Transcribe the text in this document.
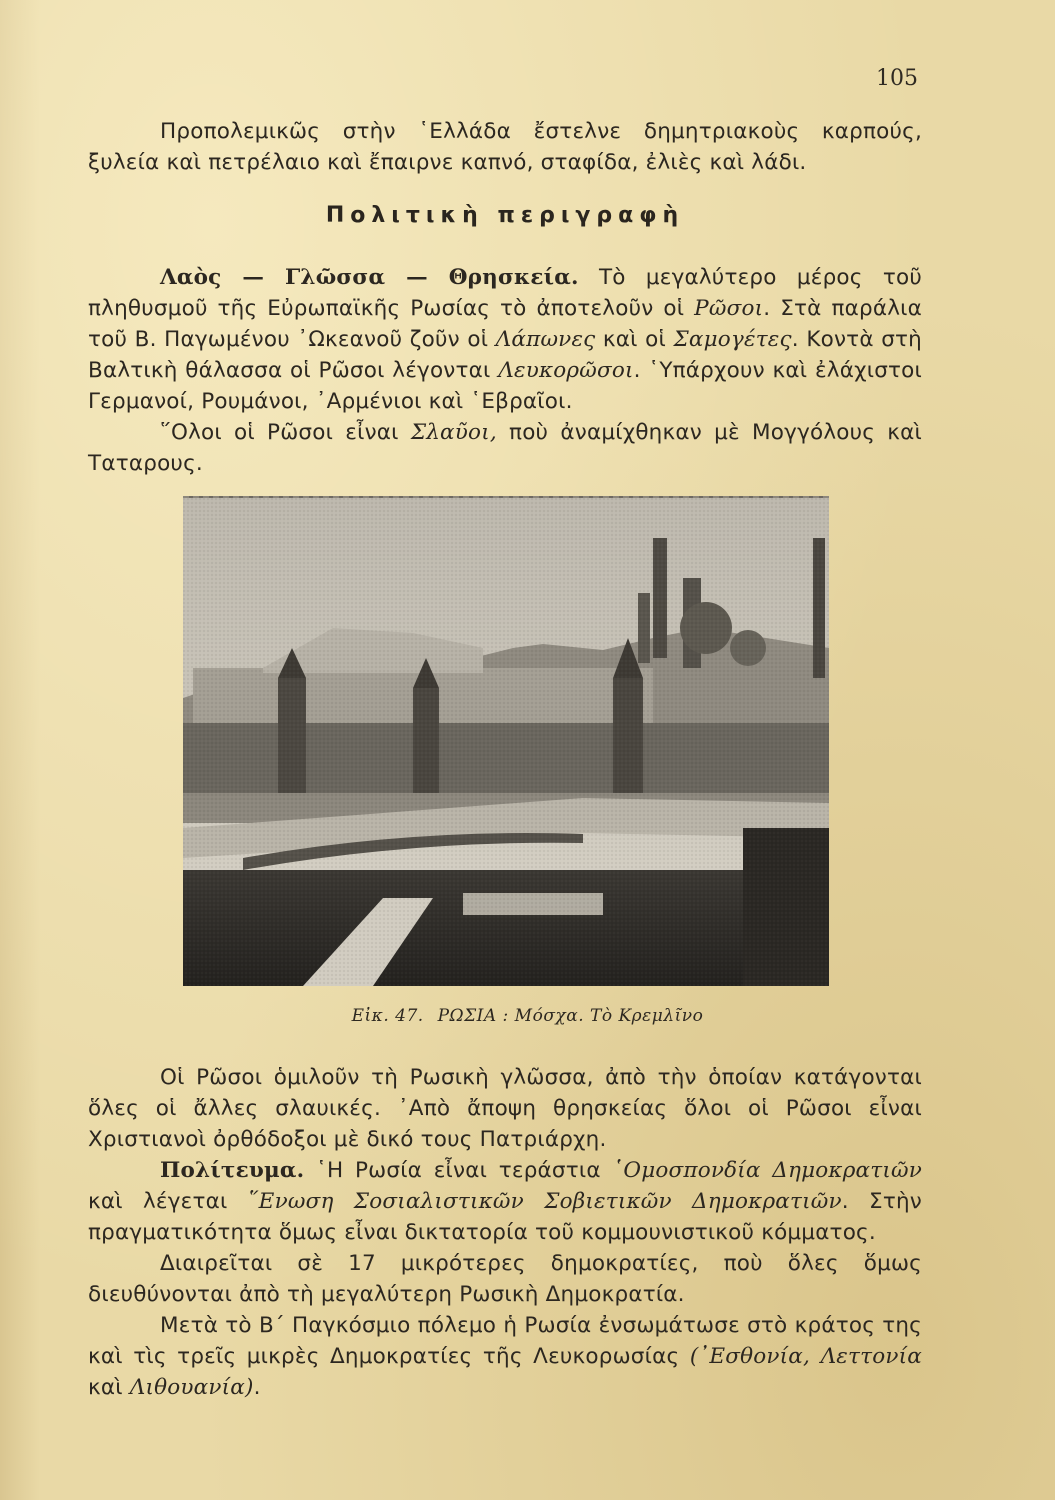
105

Προπολεμικῶς στὴν ῾Ελλάδα ἔστελνε δημητριακοὺς καρπούς, ξυλεία καὶ πετρέλαιο καὶ ἔπαιρνε καπνό, σταφίδα, ἐλιὲς καὶ λάδι.

Πολιτικὴ περιγραφὴ

Λαὸς — Γλῶσσα — Θρησκεία. Τὸ μεγαλύτερο μέρος τοῦ πληθυσμοῦ τῆς Εὐρωπαϊκῆς Ρωσίας τὸ ἀποτελοῦν οἱ Ρῶσοι. Στὰ παράλια τοῦ Β. Παγωμένου ᾿Ωκεανοῦ ζοῦν οἱ Λάπωνες καὶ οἱ Σαμογέτες. Κοντὰ στὴ Βαλτικὴ θάλασσα οἱ Ρῶσοι λέγονται Λευκορῶσοι. ῾Υπάρχουν καὶ ἐλάχιστοι Γερμανοί, Ρουμάνοι, ᾿Αρμένιοι καὶ ῾Εβραῖοι.

῞Ολοι οἱ Ρῶσοι εἶναι Σλαῦοι, ποὺ ἀναμίχθηκαν μὲ Μογγόλους καὶ Ταταρους.

Εἰκ. 47. ΡΩΣΙΑ : Μόσχα. Τὸ Κρεμλῖνο

Οἱ Ρῶσοι ὁμιλοῦν τὴ Ρωσικὴ γλῶσσα, ἀπὸ τὴν ὁποίαν κατάγονται ὅλες οἱ ἄλλες σλαυικές. ᾿Απὸ ἄποψη θρησκείας ὅλοι οἱ Ρῶσοι εἶναι Χριστιανοὶ ὀρθόδοξοι μὲ δικό τους Πατριάρχη.

Πολίτευμα. ῾Η Ρωσία εἶναι τεράστια ῾Ομοσπονδία Δημοκρατιῶν καὶ λέγεται ῞Ενωση Σοσιαλιστικῶν Σοβιετικῶν Δημοκρατιῶν. Στὴν πραγματικότητα ὅμως εἶναι δικτατορία τοῦ κομμουνιστικοῦ κόμματος.

Διαιρεῖται σὲ 17 μικρότερες δημοκρατίες, ποὺ ὅλες ὅμως διευθύνονται ἀπὸ τὴ μεγαλύτερη Ρωσικὴ Δημοκρατία.

Μετὰ τὸ Β΄ Παγκόσμιο πόλεμο ἡ Ρωσία ἐνσωμάτωσε στὸ κράτος της καὶ τὶς τρεῖς μικρὲς Δημοκρατίες τῆς Λευκορωσίας (᾿Εσθονία, Λεττονία καὶ Λιθουανία).
